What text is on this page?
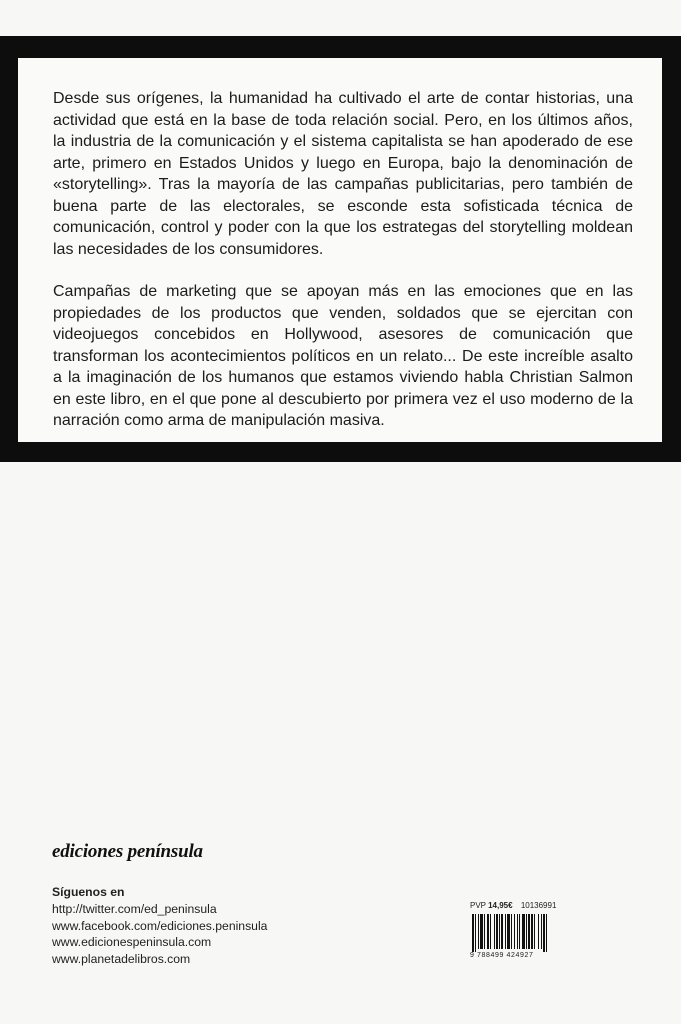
Desde sus orígenes, la humanidad ha cultivado el arte de contar historias, una actividad que está en la base de toda relación social. Pero, en los últimos años, la industria de la comunicación y el sistema capitalista se han apoderado de ese arte, primero en Estados Unidos y luego en Europa, bajo la denominación de «storytelling». Tras la mayoría de las campañas publicitarias, pero también de buena parte de las electorales, se esconde esta sofisticada técnica de comunicación, control y poder con la que los estrategas del storytelling moldean las necesidades de los consumidores.

Campañas de marketing que se apoyan más en las emociones que en las propiedades de los productos que venden, soldados que se ejercitan con videojuegos concebidos en Hollywood, asesores de comunicación que transforman los acontecimientos políticos en un relato... De este increíble asalto a la imaginación de los humanos que estamos viviendo habla Christian Salmon en este libro, en el que pone al descubierto por primera vez el uso moderno de la narración como arma de manipulación masiva.

ediciones península
Síguenos en
http://twitter.com/ed_peninsula
www.facebook.com/ediciones.peninsula
www.edicionespeninsula.com
www.planetadelibros.com
PVP 14,95€ 10136991
9 788499 424927
